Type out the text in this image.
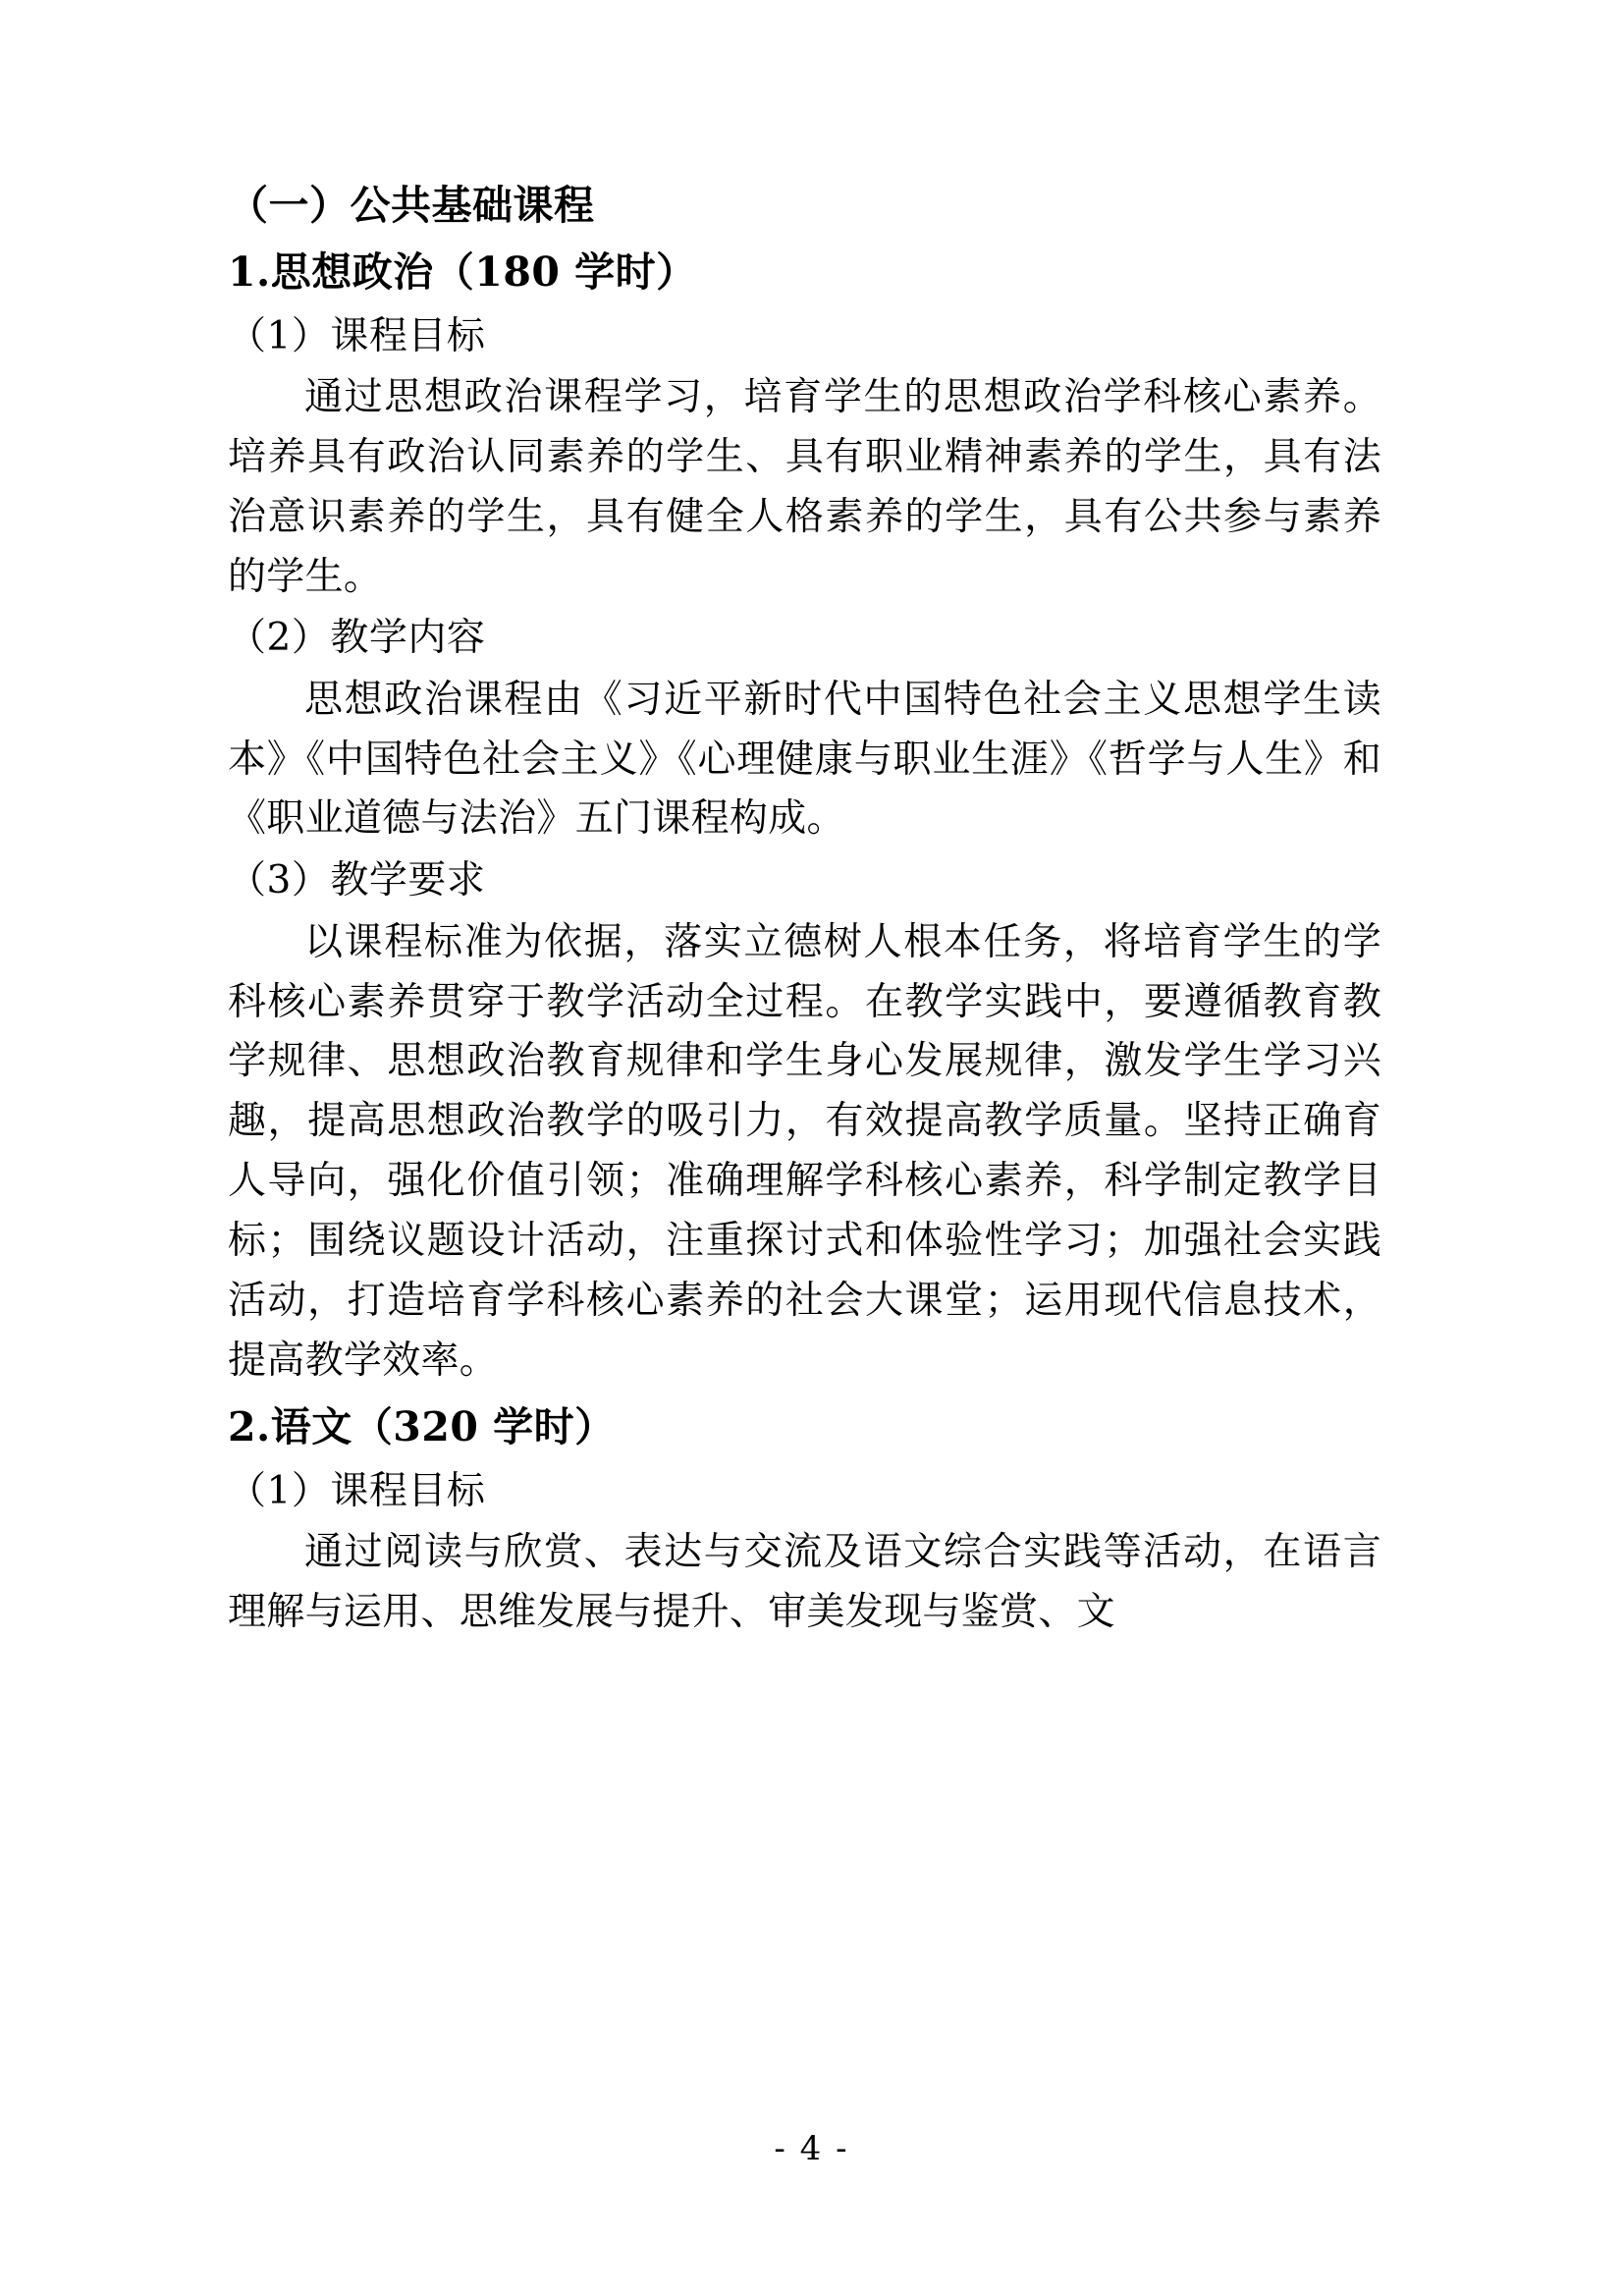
（一）公共基础课程
1.思想政治（180 学时）
（1）课程目标

通过思想政治课程学习，培育学生的思想政治学科核心素养。培养具有政治认同素养的学生、具有职业精神素养的学生，具有法治意识素养的学生，具有健全人格素养的学生，具有公共参与素养的学生。

（2）教学内容

思想政治课程由《习近平新时代中国特色社会主义思想学生读本》《中国特色社会主义》《心理健康与职业生涯》《哲学与人生》和《职业道德与法治》五门课程构成。

（3）教学要求

以课程标准为依据，落实立德树人根本任务，将培育学生的学科核心素养贯穿于教学活动全过程。在教学实践中，要遵循教育教学规律、思想政治教育规律和学生身心发展规律，激发学生学习兴趣，提高思想政治教学的吸引力，有效提高教学质量。坚持正确育人导向，强化价值引领；准确理解学科核心素养，科学制定教学目标；围绕议题设计活动，注重探讨式和体验性学习；加强社会实践活动，打造培育学科核心素养的社会大课堂；运用现代信息技术，提高教学效率。

2.语文（320 学时）
（1）课程目标

通过阅读与欣赏、表达与交流及语文综合实践等活动，在语言理解与运用、思维发展与提升、审美发现与鉴赏、文

- 4 -
